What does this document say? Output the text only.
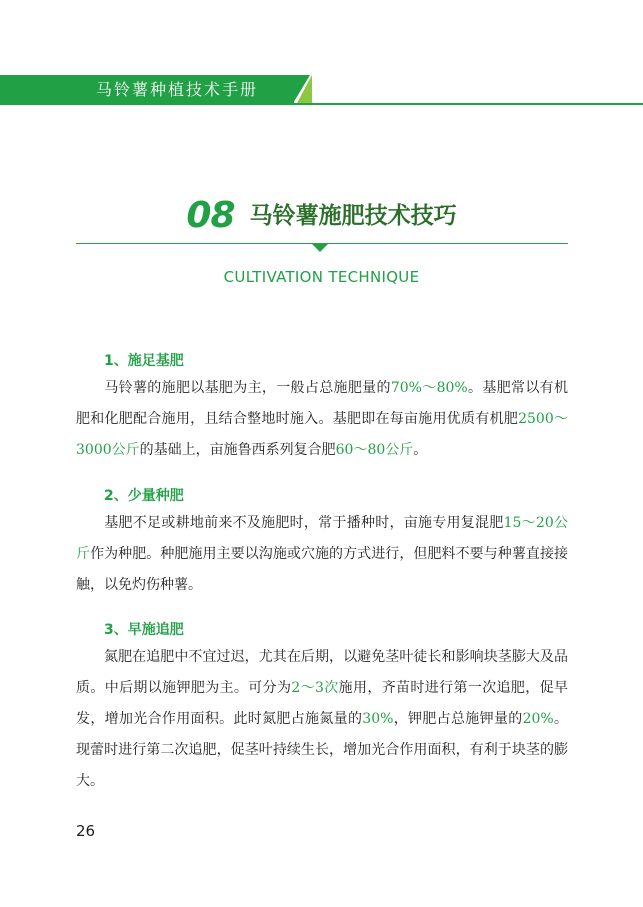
马铃薯种植技术手册
08 马铃薯施肥技术技巧
CULTIVATION TECHNIQUE
1、施足基肥
马铃薯的施肥以基肥为主，一般占总施肥量的70%～80%。基肥常以有机肥和化肥配合施用，且结合整地时施入。基肥即在每亩施用优质有机肥2500～3000公斤的基础上，亩施鲁西系列复合肥60～80公斤。
2、少量种肥
基肥不足或耕地前来不及施肥时，常于播种时，亩施专用复混肥15～20公斤作为种肥。种肥施用主要以沟施或穴施的方式进行，但肥料不要与种薯直接接触，以免灼伤种薯。
3、早施追肥
氮肥在追肥中不宜过迟，尤其在后期，以避免茎叶徒长和影响块茎膨大及品质。中后期以施钾肥为主。可分为2～3次施用，齐苗时进行第一次追肥，促早发，增加光合作用面积。此时氮肥占施氮量的30%，钾肥占总施钾量的20%。现蕾时进行第二次追肥，促茎叶持续生长，增加光合作用面积，有利于块茎的膨大。
26
